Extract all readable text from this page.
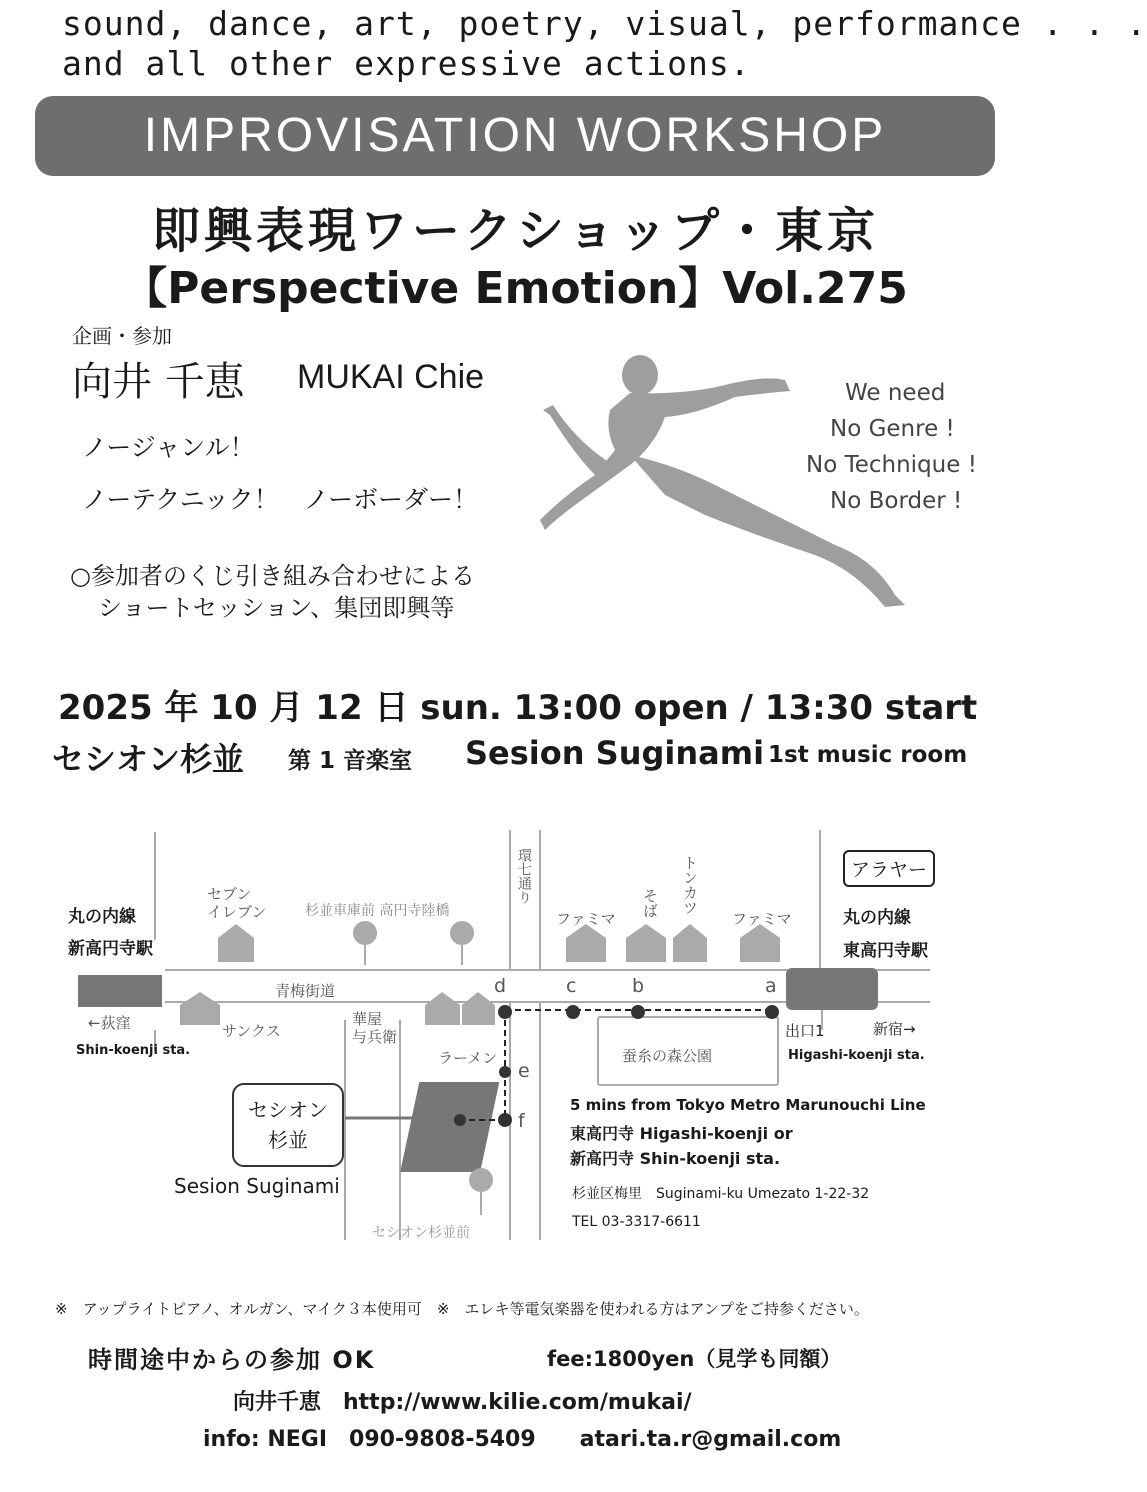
sound, dance, art, poetry, visual, performance . . .
and all other expressive actions.
IMPROVISATION WORKSHOP
即興表現ワークショップ・東京
【Perspective Emotion】Vol.275
企画・参加
向井 千恵 MUKAI Chie
ノージャンル！
ノーテクニック！　ノーボーダー！
○参加者のくじ引き組み合わせによる
ショートセッション、集団即興等
We need
No Genre !
No Technique !
No Border !
2025 年 10 月 12 日 sun. 13:00 open / 13:30 start
セシオン杉並 第 1 音楽室 Sesion Suginami 1st music room
丸の内線
新高円寺駅
←荻窪
Shin-koenji sta.
セブン
イレブン	杉並車庫前 高円寺陸橋
青梅街道
サンクス
華屋
与兵衛
ラーメン
環七通り
ファミマ
そば トンカツ
ファミマ
アラヤー
丸の内線
東高円寺駅
出口1	新宿→
Higashi-koenji sta.
蚕糸の森公園
セシオン
杉並
Sesion Suginami
セシオン杉並前
a
b
c
d
e
f
5 mins from Tokyo Metro Marunouchi Line
東高円寺 Higashi-koenji or
新高円寺 Shin-koenji sta.
杉並区梅里　Suginami-ku Umezato 1-22-32
TEL 03-3317-6611
※　アップライトピアノ、オルガン、マイク３本使用可　※　エレキ等電気楽器を使われる方はアンプをご持参ください。
時間途中からの参加 OK	fee:1800yen（見学も同額）
向井千恵　http://www.kilie.com/mukai/
info: NEGI　090-9808-5409　　atari.ta.r@gmail.com
